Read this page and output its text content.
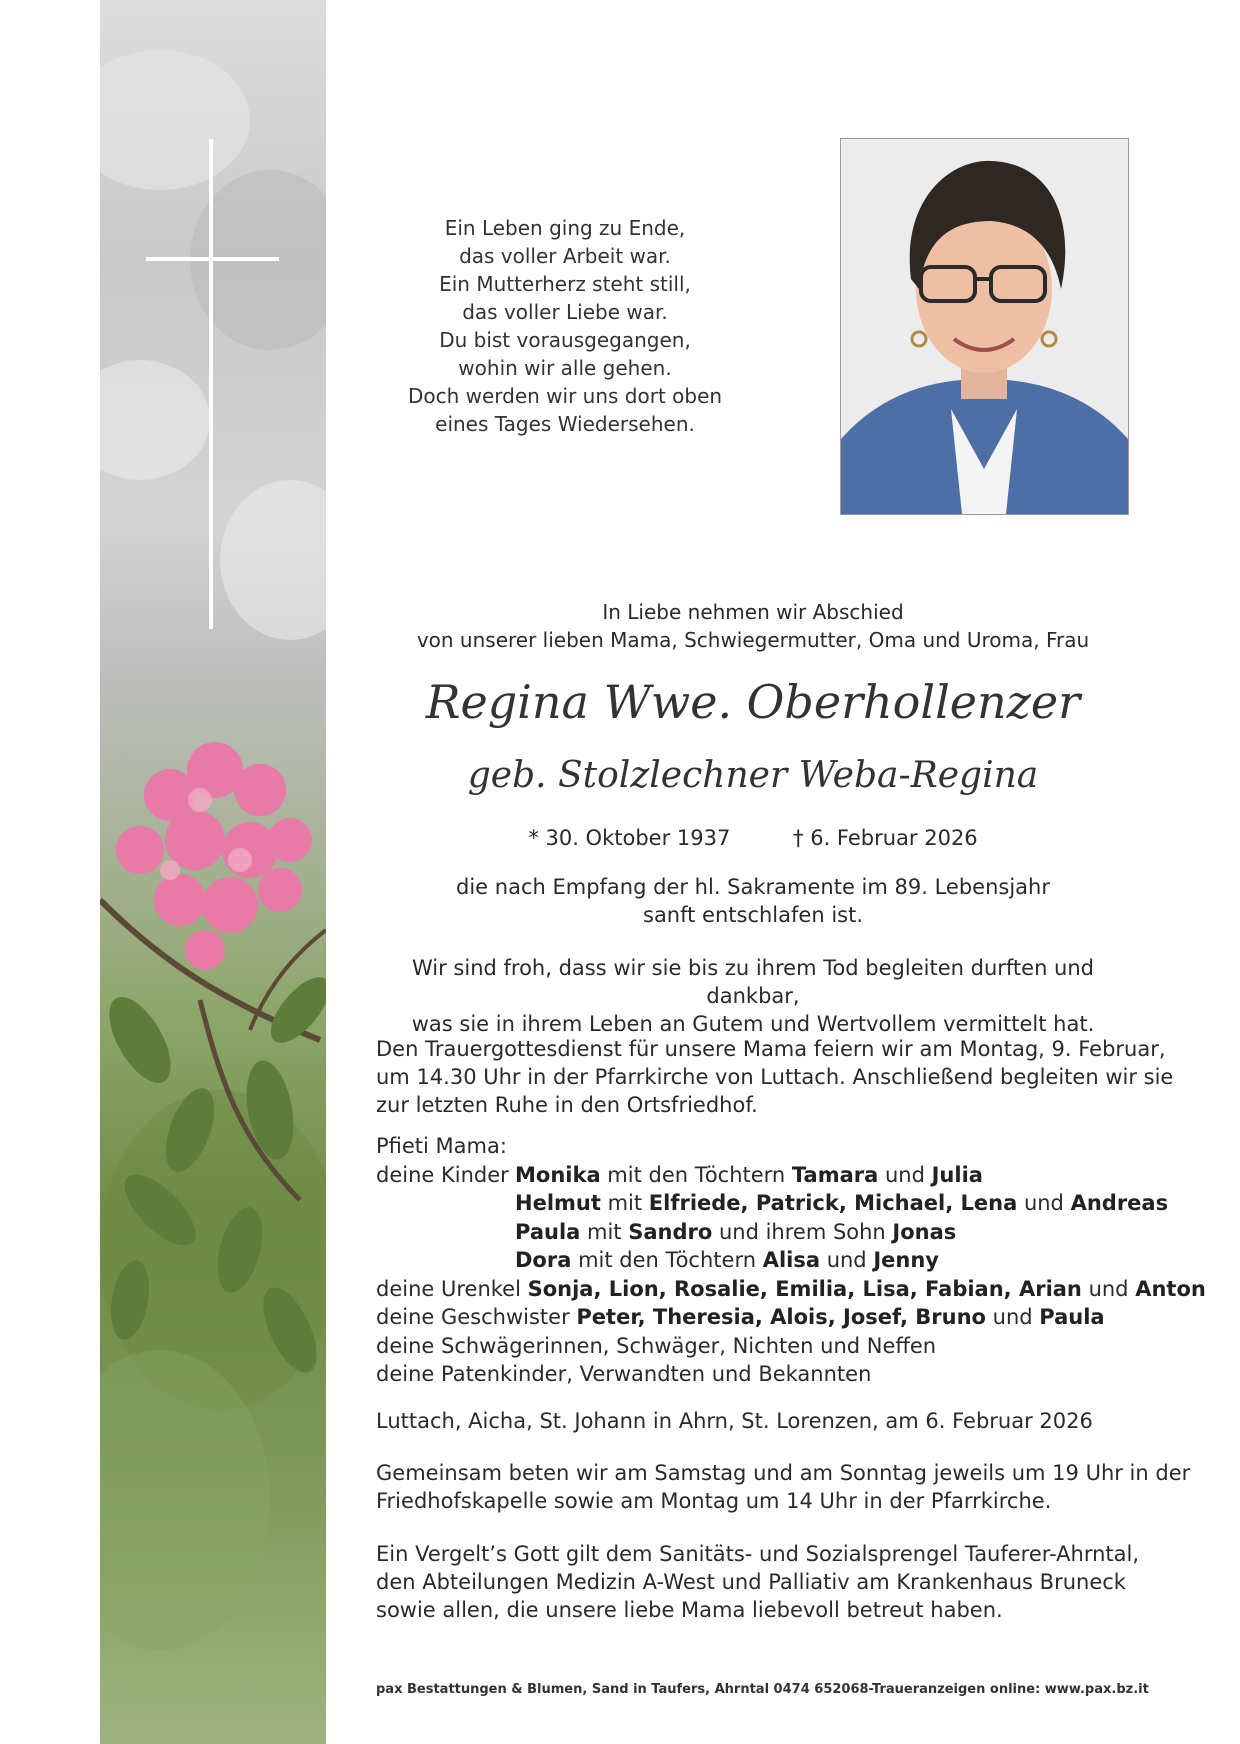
Ein Leben ging zu Ende,
das voller Arbeit war.
Ein Mutterherz steht still,
das voller Liebe war.
Du bist vorausgegangen,
wohin wir alle gehen.
Doch werden wir uns dort oben
eines Tages Wiedersehen.
In Liebe nehmen wir Abschied
von unserer lieben Mama, Schwiegermutter, Oma und Uroma, Frau
Regina Wwe. Oberhollenzer
geb. Stolzlechner Weba-Regina
* 30. Oktober 1937	† 6. Februar 2026
die nach Empfang der hl. Sakramente im 89. Lebensjahr
sanft entschlafen ist.
Wir sind froh, dass wir sie bis zu ihrem Tod begleiten durften und dankbar,
was sie in ihrem Leben an Gutem und Wertvollem vermittelt hat.
Den Trauergottesdienst für unsere Mama feiern wir am Montag, 9. Februar,
um 14.30 Uhr in der Pfarrkirche von Luttach. Anschließend begleiten wir sie
zur letzten Ruhe in den Ortsfriedhof.
Pfieti Mama:
deine Kinder Monika mit den Töchtern Tamara und Julia
Helmut mit Elfriede, Patrick, Michael, Lena und Andreas
Paula mit Sandro und ihrem Sohn Jonas
Dora mit den Töchtern Alisa und Jenny
deine Urenkel Sonja, Lion, Rosalie, Emilia, Lisa, Fabian, Arian und Anton
deine Geschwister Peter, Theresia, Alois, Josef, Bruno und Paula
deine Schwägerinnen, Schwäger, Nichten und Neffen
deine Patenkinder, Verwandten und Bekannten
Luttach, Aicha, St. Johann in Ahrn, St. Lorenzen, am 6. Februar 2026
Gemeinsam beten wir am Samstag und am Sonntag jeweils um 19 Uhr in der
Friedhofskapelle sowie am Montag um 14 Uhr in der Pfarrkirche.
Ein Vergelt’s Gott gilt dem Sanitäts- und Sozialsprengel Tauferer-Ahrntal,
den Abteilungen Medizin A-West und Palliativ am Krankenhaus Bruneck
sowie allen, die unsere liebe Mama liebevoll betreut haben.
pax Bestattungen & Blumen, Sand in Taufers, Ahrntal 0474 652068-Traueranzeigen online: www.pax.bz.it
